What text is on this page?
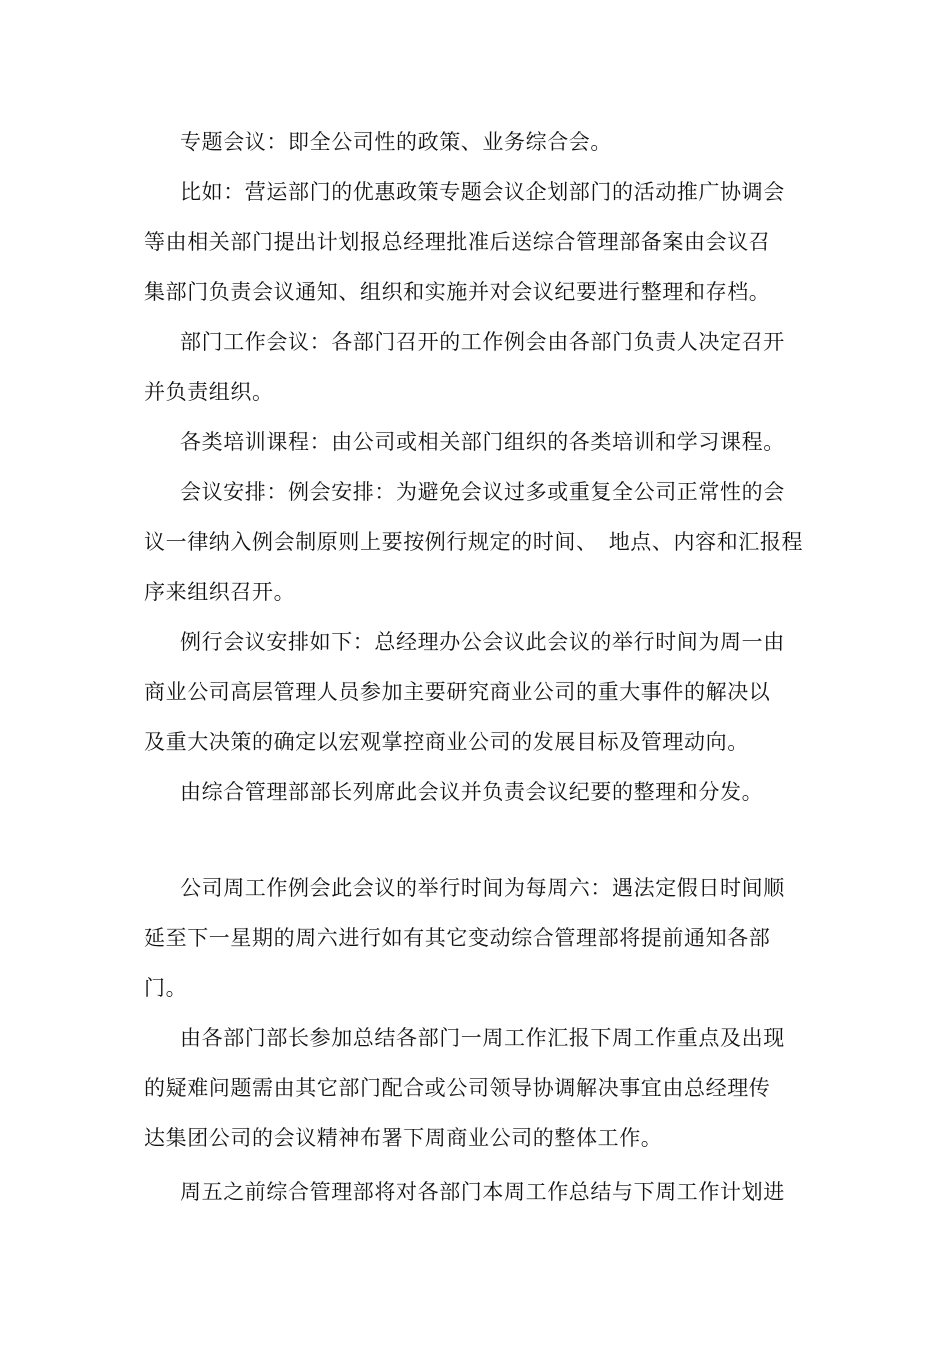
专题会议：即全公司性的政策、业务综合会。
比如：营运部门的优惠政策专题会议企划部门的活动推广协调会
等由相关部门提出计划报总经理批准后送综合管理部备案由会议召
集部门负责会议通知、组织和实施并对会议纪要进行整理和存档。
部门工作会议：各部门召开的工作例会由各部门负责人决定召开
并负责组织。
各类培训课程：由公司或相关部门组织的各类培训和学习课程。
会议安排：例会安排：为避免会议过多或重复全公司正常性的会
议一律纳入例会制原则上要按例行规定的时间、　地点、内容和汇报程
序来组织召开。
例行会议安排如下：总经理办公会议此会议的举行时间为周一由
商业公司高层管理人员参加主要研究商业公司的重大事件的解决以
及重大决策的确定以宏观掌控商业公司的发展目标及管理动向。
由综合管理部部长列席此会议并负责会议纪要的整理和分发。
公司周工作例会此会议的举行时间为每周六：遇法定假日时间顺
延至下一星期的周六进行如有其它变动综合管理部将提前通知各部
门。
由各部门部长参加总结各部门一周工作汇报下周工作重点及出现
的疑难问题需由其它部门配合或公司领导协调解决事宜由总经理传
达集团公司的会议精神布署下周商业公司的整体工作。
周五之前综合管理部将对各部门本周工作总结与下周工作计划进
